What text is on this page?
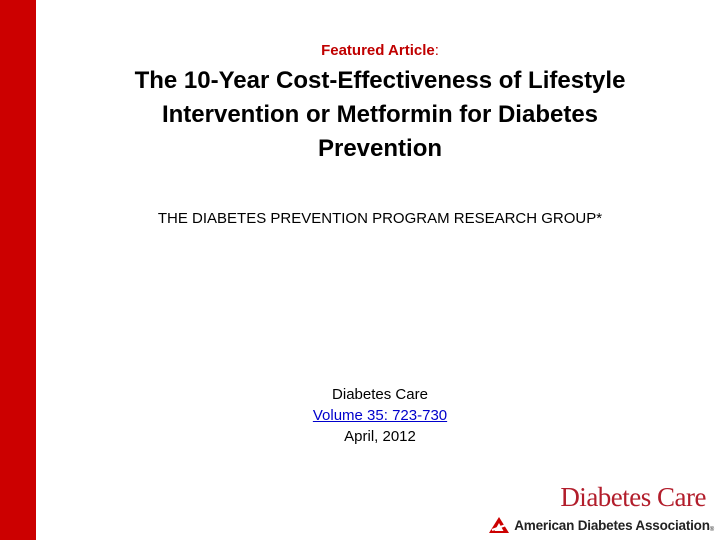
Featured Article:

The 10-Year Cost-Effectiveness of Lifestyle
Intervention or Metformin for Diabetes
Prevention

THE DIABETES PREVENTION PROGRAM RESEARCH GROUP*
Diabetes Care
Volume 35: 723-730
April, 2012
Diabetes Care
American Diabetes Association®
